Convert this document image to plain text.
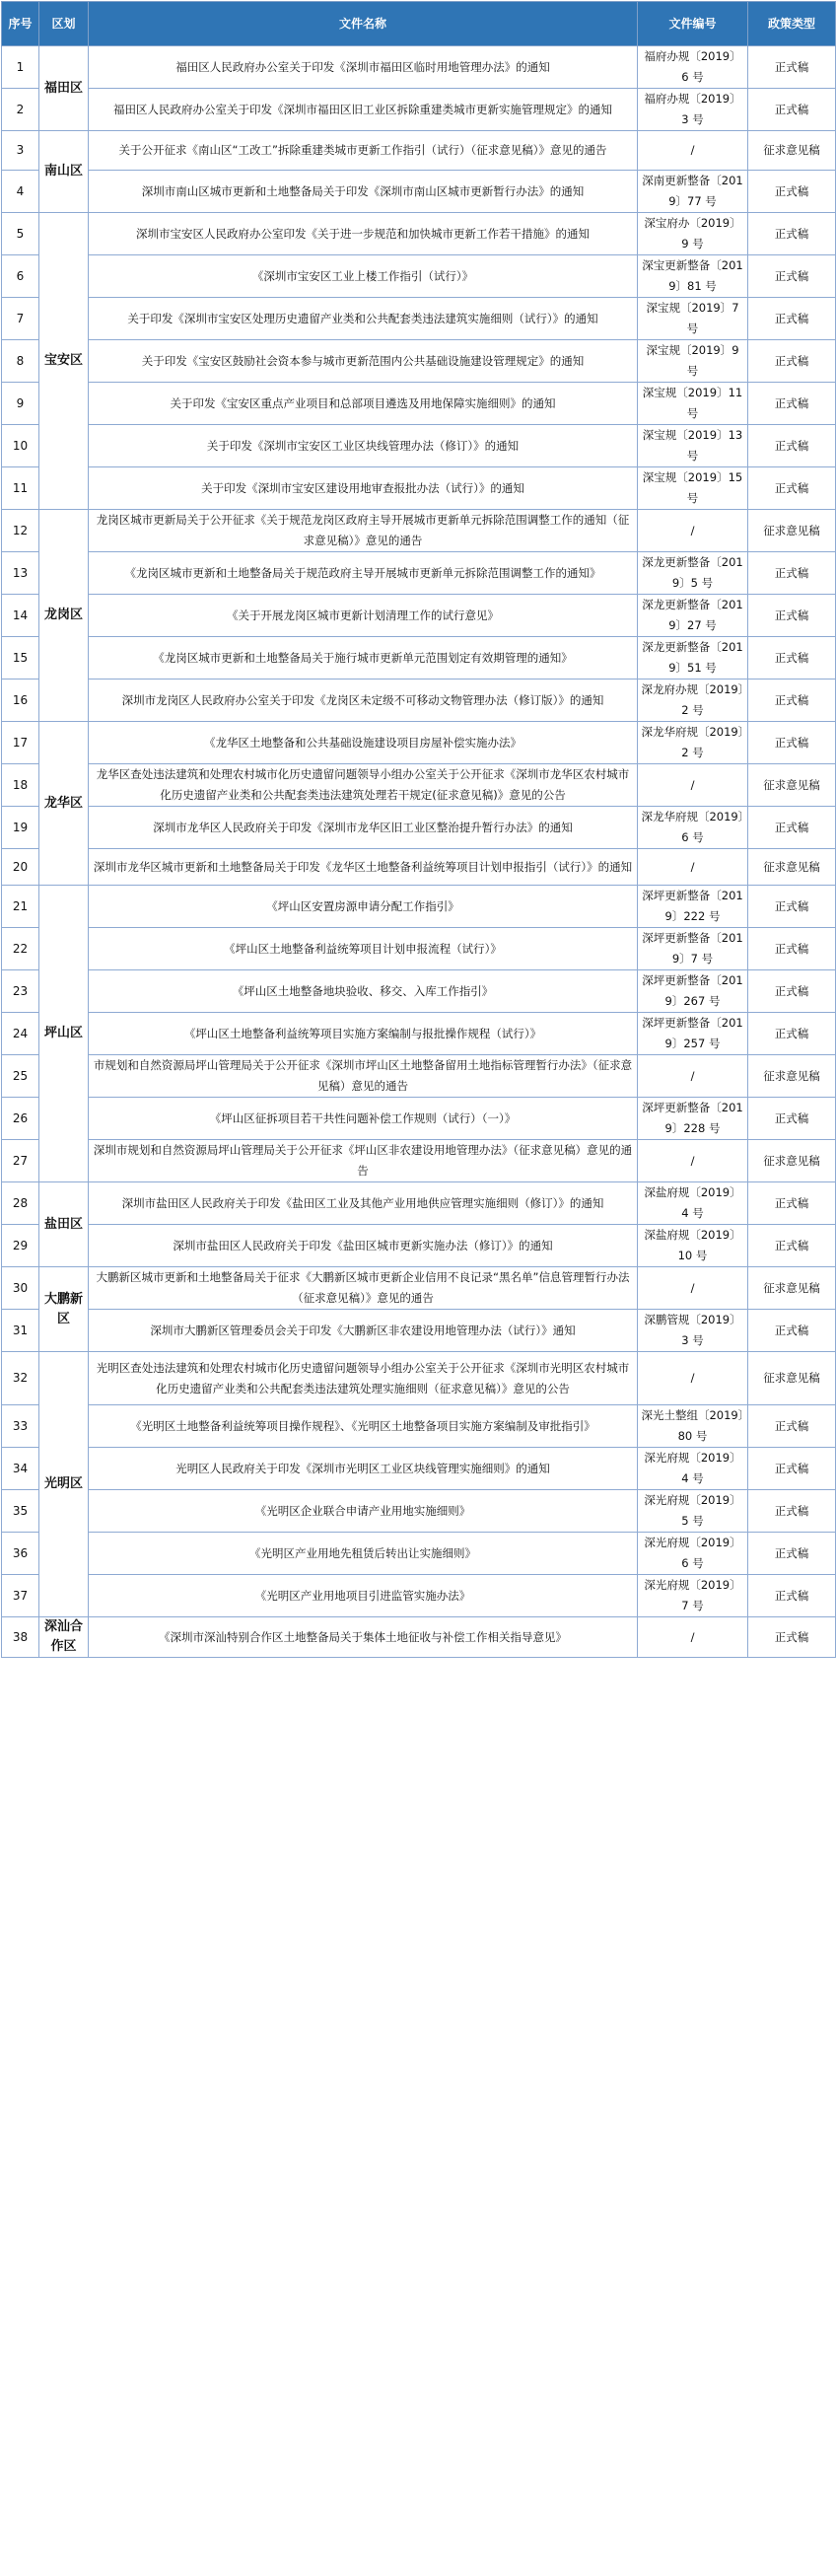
序号	区划	文件名称	文件编号	政策类型
1	福田区	福田区人民政府办公室关于印发《深圳市福田区临时用地管理办法》的通知	福府办规〔2019〕6 号	正式稿
2		福田区人民政府办公室关于印发《深圳市福田区旧工业区拆除重建类城市更新实施管理规定》的通知	福府办规〔2019〕3 号	正式稿
3	南山区	关于公开征求《南山区“工改工”拆除重建类城市更新工作指引（试行）（征求意见稿）》意见的通告	/	征求意见稿
4		深圳市南山区城市更新和土地整备局关于印发《深圳市南山区城市更新暂行办法》的通知	深南更新整备〔2019〕77 号	正式稿
5	宝安区	深圳市宝安区人民政府办公室印发《关于进一步规范和加快城市更新工作若干措施》的通知	深宝府办〔2019〕9 号	正式稿
6		《深圳市宝安区工业上楼工作指引（试行）》	深宝更新整备〔2019〕81 号	正式稿
7		关于印发《深圳市宝安区处理历史遗留产业类和公共配套类违法建筑实施细则（试行）》的通知	深宝规〔2019〕7 号	正式稿
8		关于印发《宝安区鼓励社会资本参与城市更新范围内公共基础设施建设管理规定》的通知	深宝规〔2019〕9 号	正式稿
9		关于印发《宝安区重点产业项目和总部项目遴选及用地保障实施细则》的通知	深宝规〔2019〕11 号	正式稿
10		关于印发《深圳市宝安区工业区块线管理办法（修订）》的通知	深宝规〔2019〕13 号	正式稿
11		关于印发《深圳市宝安区建设用地审查报批办法（试行）》的通知	深宝规〔2019〕15 号	正式稿
12	龙岗区	龙岗区城市更新局关于公开征求《关于规范龙岗区政府主导开展城市更新单元拆除范围调整工作的通知（征求意见稿）》意见的通告	/	征求意见稿
13		《龙岗区城市更新和土地整备局关于规范政府主导开展城市更新单元拆除范围调整工作的通知》	深龙更新整备〔2019〕5 号	正式稿
14		《关于开展龙岗区城市更新计划清理工作的试行意见》	深龙更新整备〔2019〕27 号	正式稿
15		《龙岗区城市更新和土地整备局关于施行城市更新单元范围划定有效期管理的通知》	深龙更新整备〔2019〕51 号	正式稿
16		深圳市龙岗区人民政府办公室关于印发《龙岗区未定级不可移动文物管理办法（修订版）》的通知	深龙府办规〔2019〕2 号	正式稿
17	龙华区	《龙华区土地整备和公共基础设施建设项目房屋补偿实施办法》	深龙华府规〔2019〕2 号	正式稿
18		龙华区查处违法建筑和处理农村城市化历史遗留问题领导小组办公室关于公开征求《深圳市龙华区农村城市化历史遗留产业类和公共配套类违法建筑处理若干规定(征求意见稿)》意见的公告	/	征求意见稿
19		深圳市龙华区人民政府关于印发《深圳市龙华区旧工业区整治提升暂行办法》的通知	深龙华府规〔2019〕6 号	正式稿
20		深圳市龙华区城市更新和土地整备局关于印发《龙华区土地整备利益统筹项目计划申报指引（试行）》的通知	/	征求意见稿
21	坪山区	《坪山区安置房源申请分配工作指引》	深坪更新整备〔2019〕222 号	正式稿
22		《坪山区土地整备利益统筹项目计划申报流程（试行）》	深坪更新整备〔2019〕7 号	正式稿
23		《坪山区土地整备地块验收、移交、入库工作指引》	深坪更新整备〔2019〕267 号	正式稿
24		《坪山区土地整备利益统筹项目实施方案编制与报批操作规程（试行）》	深坪更新整备〔2019〕257 号	正式稿
25		市规划和自然资源局坪山管理局关于公开征求《深圳市坪山区土地整备留用土地指标管理暂行办法》（征求意见稿）意见的通告	/	征求意见稿
26		《坪山区征拆项目若干共性问题补偿工作规则（试行）（一）》	深坪更新整备〔2019〕228 号	正式稿
27		深圳市规划和自然资源局坪山管理局关于公开征求《坪山区非农建设用地管理办法》（征求意见稿）意见的通告	/	征求意见稿
28	盐田区	深圳市盐田区人民政府关于印发《盐田区工业及其他产业用地供应管理实施细则（修订）》的通知	深盐府规〔2019〕4 号	正式稿
29		深圳市盐田区人民政府关于印发《盐田区城市更新实施办法（修订）》的通知	深盐府规〔2019〕10 号	正式稿
30	大鹏新区	大鹏新区城市更新和土地整备局关于征求《大鹏新区城市更新企业信用不良记录“黑名单”信息管理暂行办法（征求意见稿）》意见的通告	/	征求意见稿
31		深圳市大鹏新区管理委员会关于印发《大鹏新区非农建设用地管理办法（试行）》通知	深鹏管规〔2019〕3 号	正式稿
32	光明区	光明区查处违法建筑和处理农村城市化历史遗留问题领导小组办公室关于公开征求《深圳市光明区农村城市化历史遗留产业类和公共配套类违法建筑处理实施细则（征求意见稿）》意见的公告	/	征求意见稿
33		《光明区土地整备利益统筹项目操作规程》、《光明区土地整备项目实施方案编制及审批指引》	深光土整组〔2019〕80 号	正式稿
34		光明区人民政府关于印发《深圳市光明区工业区块线管理实施细则》的通知	深光府规〔2019〕4 号	正式稿
35		《光明区企业联合申请产业用地实施细则》	深光府规〔2019〕5 号	正式稿
36		《光明区产业用地先租赁后转出让实施细则》	深光府规〔2019〕6 号	正式稿
37		《光明区产业用地项目引进监管实施办法》	深光府规〔2019〕7 号	正式稿
38	深汕合作区	《深圳市深汕特别合作区土地整备局关于集体土地征收与补偿工作相关指导意见》	/	正式稿
